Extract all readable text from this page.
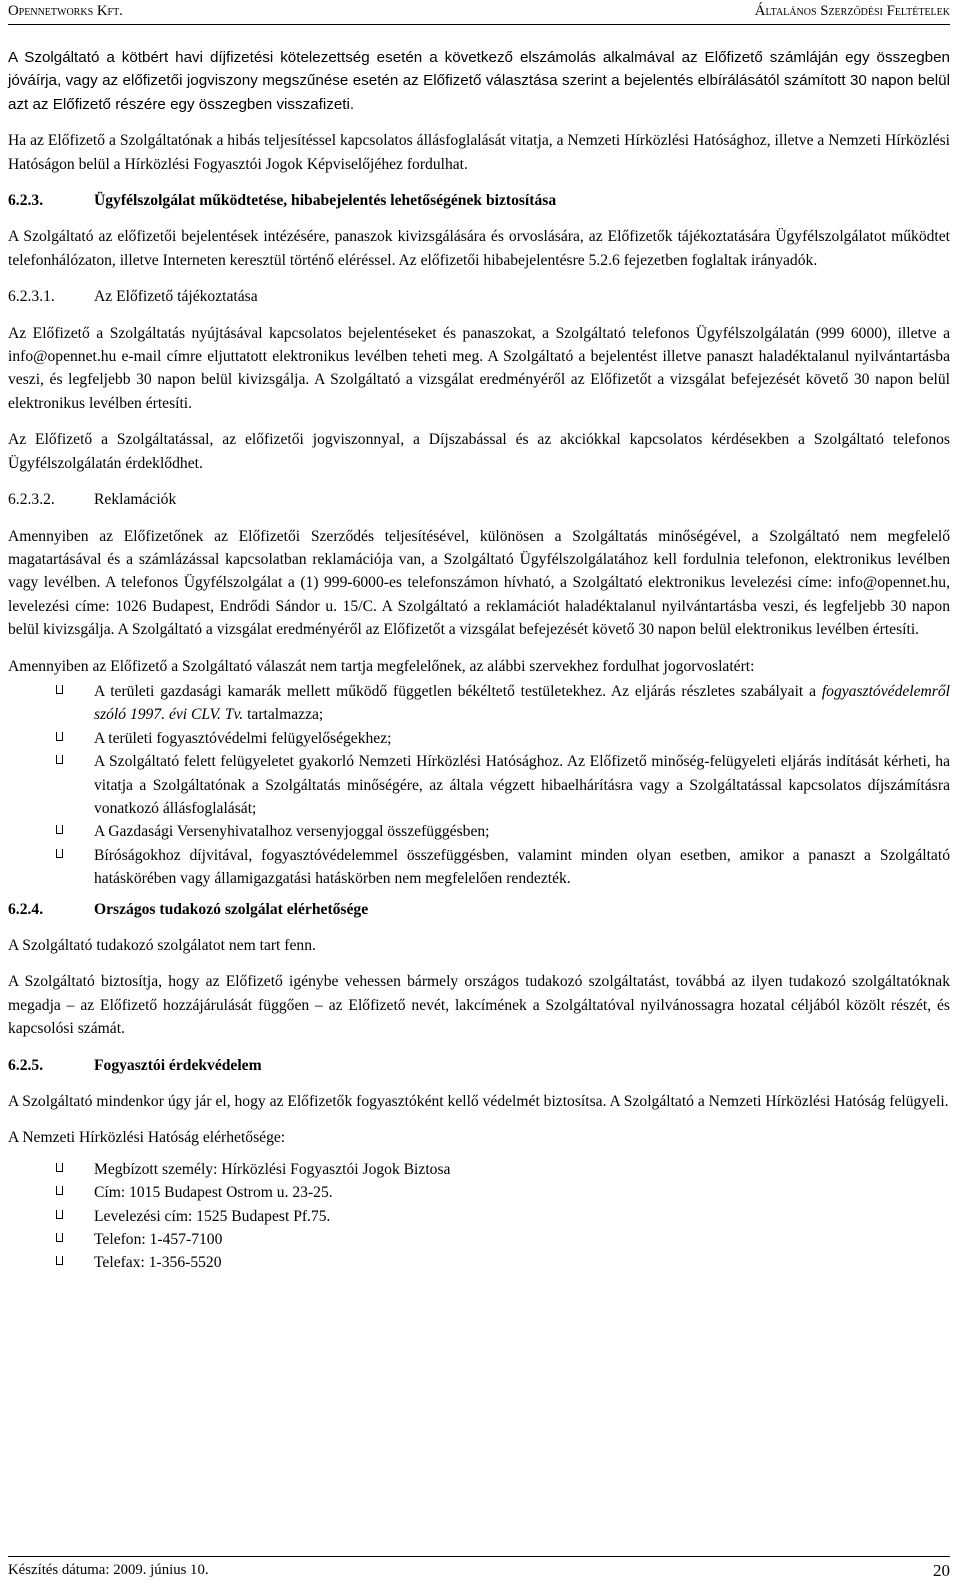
Opennetworks Kft.	Általános Szerződési Feltételek

A Szolgáltató a kötbért havi díjfizetési kötelezettség esetén a következő elszámolás alkalmával az Előfizető számláján egy összegben jóváírja, vagy az előfizetői jogviszony megszűnése esetén az Előfizető választása szerint a bejelentés elbírálásától számított 30 napon belül azt az Előfizető részére egy összegben visszafizeti.

Ha az Előfizető a Szolgáltatónak a hibás teljesítéssel kapcsolatos állásfoglalását vitatja, a Nemzeti Hírközlési Hatósághoz, illetve a Nemzeti Hírközlési Hatóságon belül a Hírközlési Fogyasztói Jogok Képviselőjéhez fordulhat.

6.2.3.	Ügyfélszolgálat működtetése, hibabejelentés lehetőségének biztosítása

A Szolgáltató az előfizetői bejelentések intézésére, panaszok kivizsgálására és orvoslására, az Előfizetők tájékoztatására Ügyfélszolgálatot működtet telefonhálózaton, illetve Interneten keresztül történő eléréssel. Az előfizetői hibabejelentésre 5.2.6 fejezetben foglaltak irányadók.

6.2.3.1.	Az Előfizető tájékoztatása

Az Előfizető a Szolgáltatás nyújtásával kapcsolatos bejelentéseket és panaszokat, a Szolgáltató telefonos Ügyfélszolgálatán (999 6000), illetve a info@opennet.hu e-mail címre eljuttatott elektronikus levélben teheti meg. A Szolgáltató a bejelentést illetve panaszt haladéktalanul nyilvántartásba veszi, és legfeljebb 30 napon belül kivizsgálja. A Szolgáltató a vizsgálat eredményéről az Előfizetőt a vizsgálat befejezését követő 30 napon belül elektronikus levélben értesíti.

Az Előfizető a Szolgáltatással, az előfizetői jogviszonnyal, a Díjszabással és az akciókkal kapcsolatos kérdésekben a Szolgáltató telefonos Ügyfélszolgálatán érdeklődhet.

6.2.3.2.	Reklamációk

Amennyiben az Előfizetőnek az Előfizetői Szerződés teljesítésével, különösen a Szolgáltatás minőségével, a Szolgáltató nem megfelelő magatartásával és a számlázással kapcsolatban reklamációja van, a Szolgáltató Ügyfélszolgálatához kell fordulnia telefonon, elektronikus levélben vagy levélben. A telefonos Ügyfélszolgálat a (1) 999-6000-es telefonszámon hívható, a Szolgáltató elektronikus levelezési címe: info@opennet.hu, levelezési címe: 1026 Budapest, Endrődi Sándor u. 15/C. A Szolgáltató a reklamációt haladéktalanul nyilvántartásba veszi, és legfeljebb 30 napon belül kivizsgálja. A Szolgáltató a vizsgálat eredményéről az Előfizetőt a vizsgálat befejezését követő 30 napon belül elektronikus levélben értesíti.

Amennyiben az Előfizető a Szolgáltató válaszát nem tartja megfelelőnek, az alábbi szervekhez fordulhat jogorvoslatért:

A területi gazdasági kamarák mellett működő független békéltető testületekhez. Az eljárás részletes szabályait a fogyasztóvédelemről szóló 1997. évi CLV. Tv. tartalmazza;
A területi fogyasztóvédelmi felügyelőségekhez;
A Szolgáltató felett felügyeletet gyakorló Nemzeti Hírközlési Hatósághoz. Az Előfizető minőség-felügyeleti eljárás indítását kérheti, ha vitatja a Szolgáltatónak a Szolgáltatás minőségére, az általa végzett hibaelhárításra vagy a Szolgáltatással kapcsolatos díjszámításra vonatkozó állásfoglalását;
A Gazdasági Versenyhivatalhoz versenyjoggal összefüggésben;
Bíróságokhoz díjvitával, fogyasztóvédelemmel összefüggésben, valamint minden olyan esetben, amikor a panaszt a Szolgáltató hatáskörében vagy államigazgatási hatáskörben nem megfelelően rendezték.
6.2.4.	Országos tudakozó szolgálat elérhetősége

A Szolgáltató tudakozó szolgálatot nem tart fenn.

A Szolgáltató biztosítja, hogy az Előfizető igénybe vehessen bármely országos tudakozó szolgáltatást, továbbá az ilyen tudakozó szolgáltatóknak megadja – az Előfizető hozzájárulását függően – az Előfizető nevét, lakcímének a Szolgáltatóval nyilvánossagra hozatal céljából közölt részét, és kapcsolósi számát.

6.2.5.	Fogyasztói érdekvédelem

A Szolgáltató mindenkor úgy jár el, hogy az Előfizetők fogyasztóként kellő védelmét biztosítsa. A Szolgáltató a Nemzeti Hírközlési Hatóság felügyeli.

A Nemzeti Hírközlési Hatóság elérhetősége:

Megbízott személy: Hírközlési Fogyasztói Jogok Biztosa
Cím: 1015 Budapest Ostrom u. 23-25.
Levelezési cím: 1525 Budapest Pf.75.
Telefon: 1-457-7100
Telefax: 1-356-5520
Készítés dátuma: 2009. június 10.	20
